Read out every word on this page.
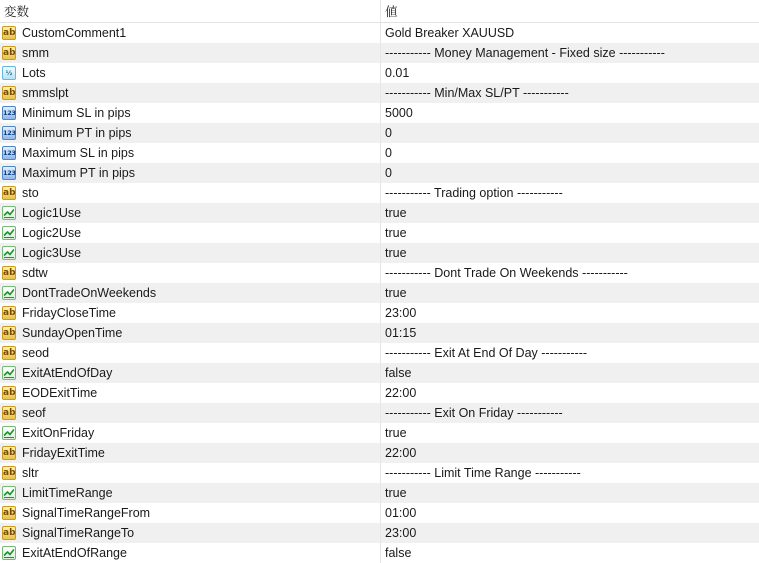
変数	値
ab CustomComment1	Gold Breaker XAUUSD
ab smm	----------- Money Management - Fixed size -----------
½ Lots	0.01
ab smmslpt	----------- Min/Max SL/PT -----------
123 Minimum SL in pips	5000
123 Minimum PT in pips	0
123 Maximum SL in pips	0
123 Maximum PT in pips	0
ab sto	----------- Trading option -----------
Logic1Use	true
Logic2Use	true
Logic3Use	true
ab sdtw	----------- Dont Trade On Weekends -----------
DontTradeOnWeekends	true
ab FridayCloseTime	23:00
ab SundayOpenTime	01:15
ab seod	----------- Exit At End Of Day -----------
ExitAtEndOfDay	false
ab EODExitTime	22:00
ab seof	----------- Exit On Friday -----------
ExitOnFriday	true
ab FridayExitTime	22:00
ab sltr	----------- Limit Time Range -----------
LimitTimeRange	true
ab SignalTimeRangeFrom	01:00
ab SignalTimeRangeTo	23:00
ExitAtEndOfRange	false
